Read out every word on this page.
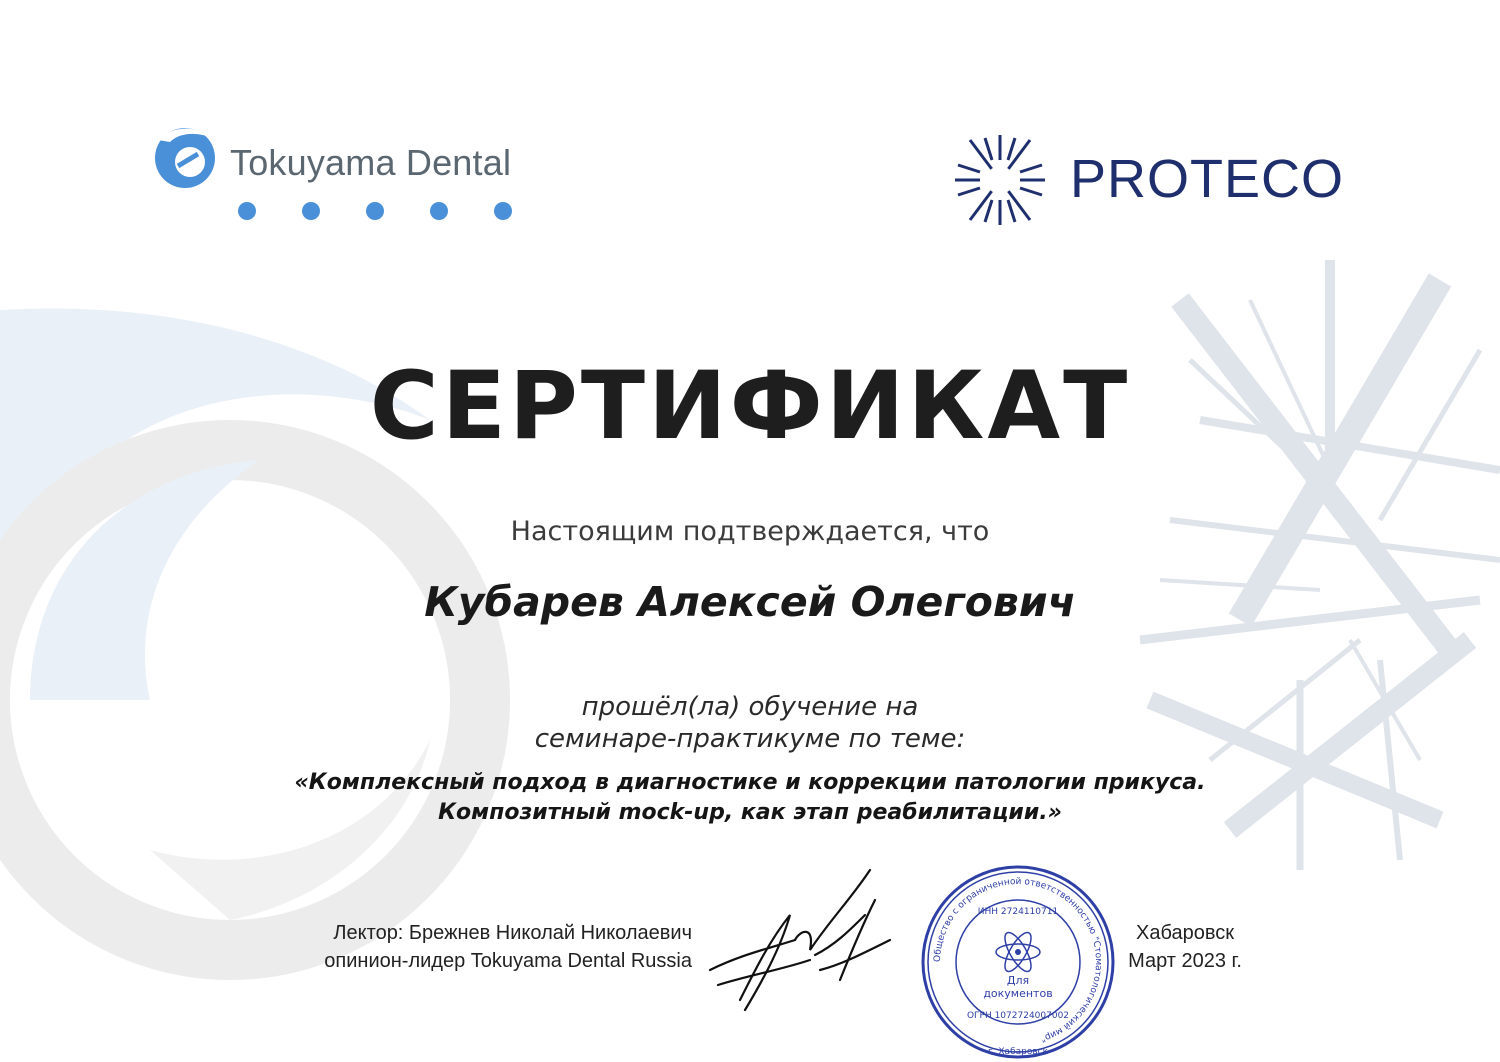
Tokuyama Dental	PROTECO
СЕРТИФИКАТ
Настоящим подтверждается, что
Кубарев Алексей Олегович
прошёл(ла) обучение на
семинаре-практикуме по теме:
«Комплексный подход в диагностике и коррекции патологии прикуса.
Композитный mock-up, как этап реабилитации.»
Лектор: Брежнев Николай Николаевич
опинион-лидер Tokuyama Dental Russia	Общество с ограниченной ответственностью "Стоматологический мир"
ИНН 2724110711
ОГРН 1072724007002
г. Хабаровск
Для
документов
Хабаровск
Март 2023 г.
